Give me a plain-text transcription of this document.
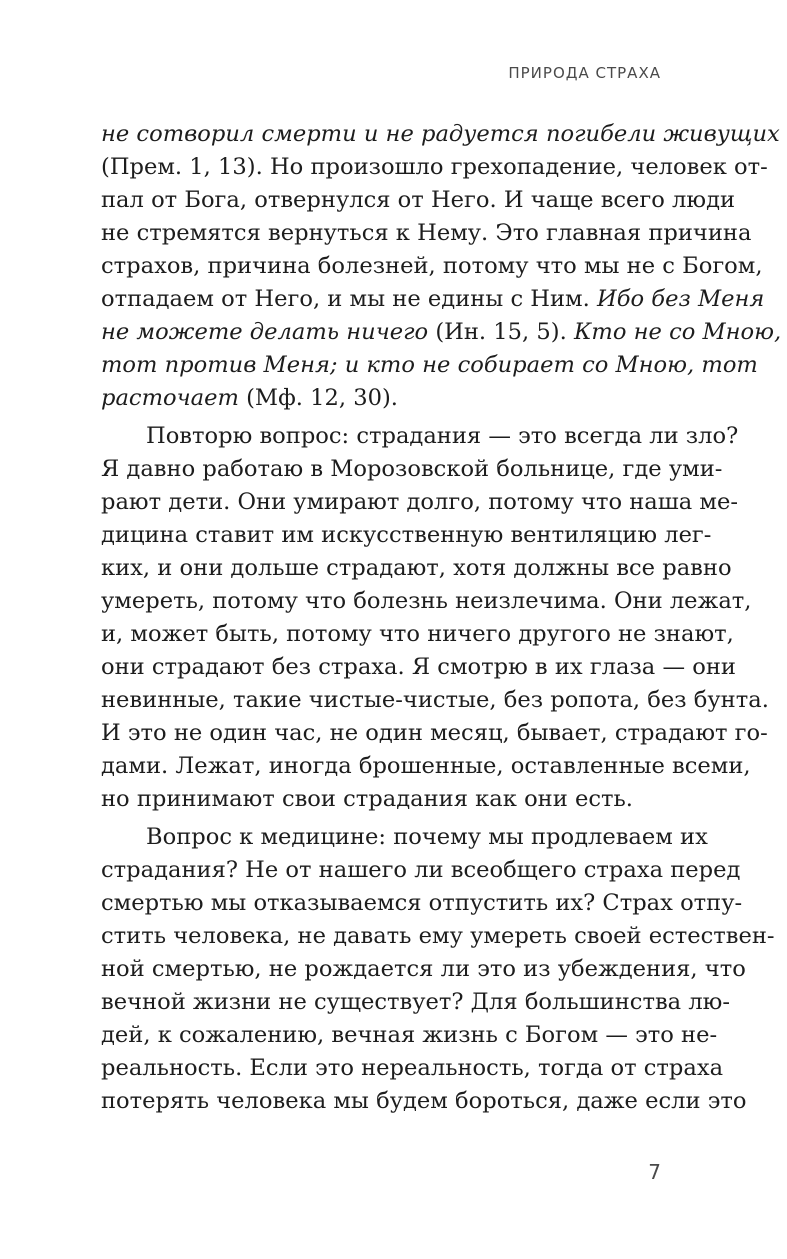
ПРИРОДА СТРАХА
не сотворил смерти и не радуется погибели живущих
(Прем. 1, 13). Но произошло грехопадение, человек от-
пал от Бога, отвернулся от Него. И чаще всего люди
не стремятся вернуться к Нему. Это главная причина
страхов, причина болезней, потому что мы не с Богом,
отпадаем от Него, и мы не едины с Ним. Ибо без Меня
не можете делать ничего (Ин. 15, 5). Кто не со Мною,
тот против Меня; и кто не собирает со Мною, тот
расточает (Мф. 12, 30).
Повторю вопрос: страдания — это всегда ли зло?
Я давно работаю в Морозовской больнице, где уми-
рают дети. Они умирают долго, потому что наша ме-
дицина ставит им искусственную вентиляцию лег-
ких, и они дольше страдают, хотя должны все равно
умереть, потому что болезнь неизлечима. Они лежат,
и, может быть, потому что ничего другого не знают,
они страдают без страха. Я смотрю в их глаза — они
невинные, такие чистые-чистые, без ропота, без бунта.
И это не один час, не один месяц, бывает, страдают го-
дами. Лежат, иногда брошенные, оставленные всеми,
но принимают свои страдания как они есть.
Вопрос к медицине: почему мы продлеваем их
страдания? Не от нашего ли всеобщего страха перед
смертью мы отказываемся отпустить их? Страх отпу-
стить человека, не давать ему умереть своей естествен-
ной смертью, не рождается ли это из убеждения, что
вечной жизни не существует? Для большинства лю-
дей, к сожалению, вечная жизнь с Богом — это не-
реальность. Если это нереальность, тогда от страха
потерять человека мы будем бороться, даже если это
7
